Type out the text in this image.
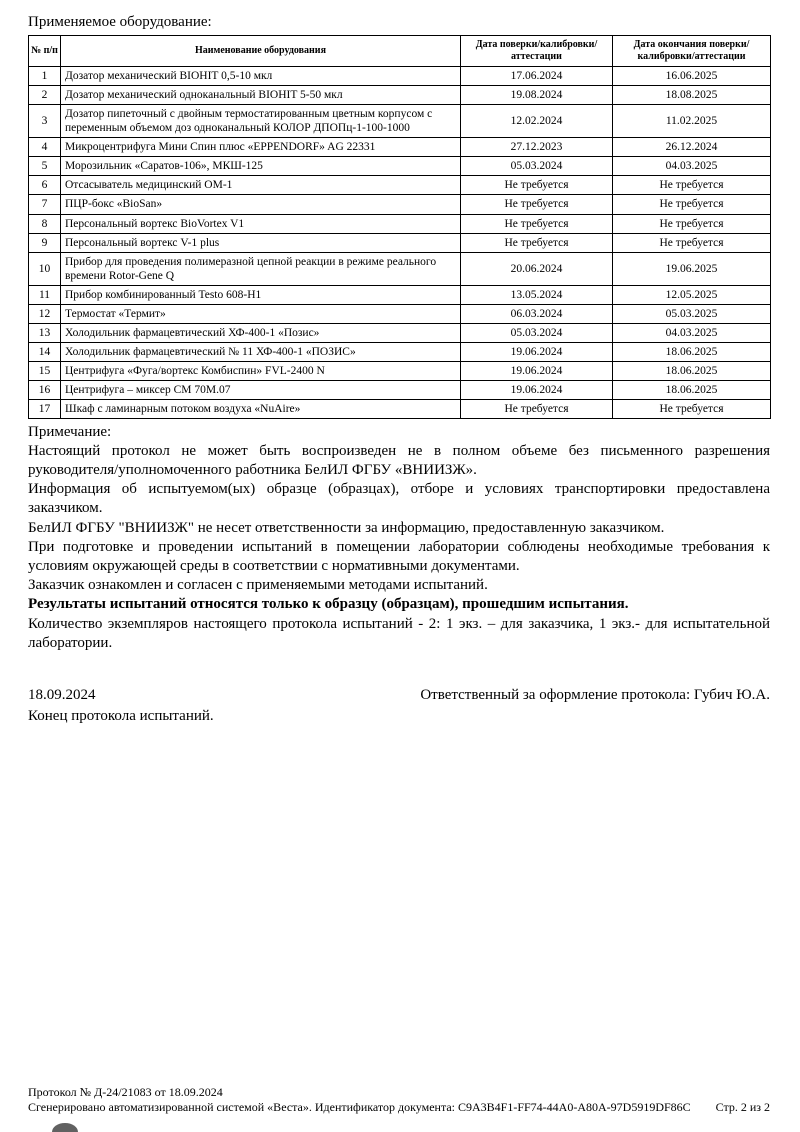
Применяемое оборудование:
№ п/п	Наименование оборудования	Дата поверки/калибровки/аттестации	Дата окончания поверки/калибровки/аттестации
1	Дозатор механический BIOHIT 0,5-10 мкл	17.06.2024	16.06.2025
2	Дозатор механический одноканальный BIOHIT 5-50 мкл	19.08.2024	18.08.2025
3	Дозатор пипеточный с двойным термостатированным цветным корпусом с переменным объемом доз одноканальный КОЛОР ДПОПц-1-100-1000	12.02.2024	11.02.2025
4	Микроцентрифуга Мини Спин плюс «EPPENDORF» AG 22331	27.12.2023	26.12.2024
5	Морозильник «Саратов-106», МКШ-125	05.03.2024	04.03.2025
6	Отсасыватель медицинский ОМ-1	Не требуется	Не требуется
7	ПЦР-бокс «BioSan»	Не требуется	Не требуется
8	Персональный вортекс BioVortex V1	Не требуется	Не требуется
9	Персональный вортекс V-1 plus	Не требуется	Не требуется
10	Прибор для проведения полимеразной цепной реакции в режиме реального времени Rotor-Gene Q	20.06.2024	19.06.2025
11	Прибор комбинированный Testo 608-H1	13.05.2024	12.05.2025
12	Термостат «Термит»	06.03.2024	05.03.2025
13	Холодильник фармацевтический ХФ-400-1 «Позис»	05.03.2024	04.03.2025
14	Холодильник фармацевтический № 11 ХФ-400-1 «ПОЗИС»	19.06.2024	18.06.2025
15	Центрифуга «Фуга/вортекс Комбиспин» FVL-2400 N	19.06.2024	18.06.2025
16	Центрифуга – миксер СМ 70М.07	19.06.2024	18.06.2025
17	Шкаф с ламинарным потоком воздуха «NuAire»	Не требуется	Не требуется
Примечание:
Настоящий протокол не может быть воспроизведен не в полном объеме без письменного разрешения руководителя/уполномоченного работника БелИЛ ФГБУ «ВНИИЗЖ».
Информация об испытуемом(ых) образце (образцах), отборе и условиях транспортировки предоставлена заказчиком.
БелИЛ ФГБУ "ВНИИЗЖ" не несет ответственности за информацию, предоставленную заказчиком.
При подготовке и проведении испытаний в помещении лаборатории соблюдены необходимые требования к условиям окружающей среды в соответствии с нормативными документами.
Заказчик ознакомлен и согласен с применяемыми методами испытаний.
Результаты испытаний относятся только к образцу (образцам), прошедшим испытания.
Количество экземпляров настоящего протокола испытаний - 2: 1 экз. – для заказчика, 1 экз.- для испытательной лаборатории.
18.09.2024	Ответственный за оформление протокола: Губич Ю.А.
Конец протокола испытаний.
Протокол № Д-24/21083 от 18.09.2024
Сгенерировано автоматизированной системой «Веста». Идентификатор документа: C9A3B4F1-FF74-44A0-A80A-97D5919DF86C Стр. 2 из 2
